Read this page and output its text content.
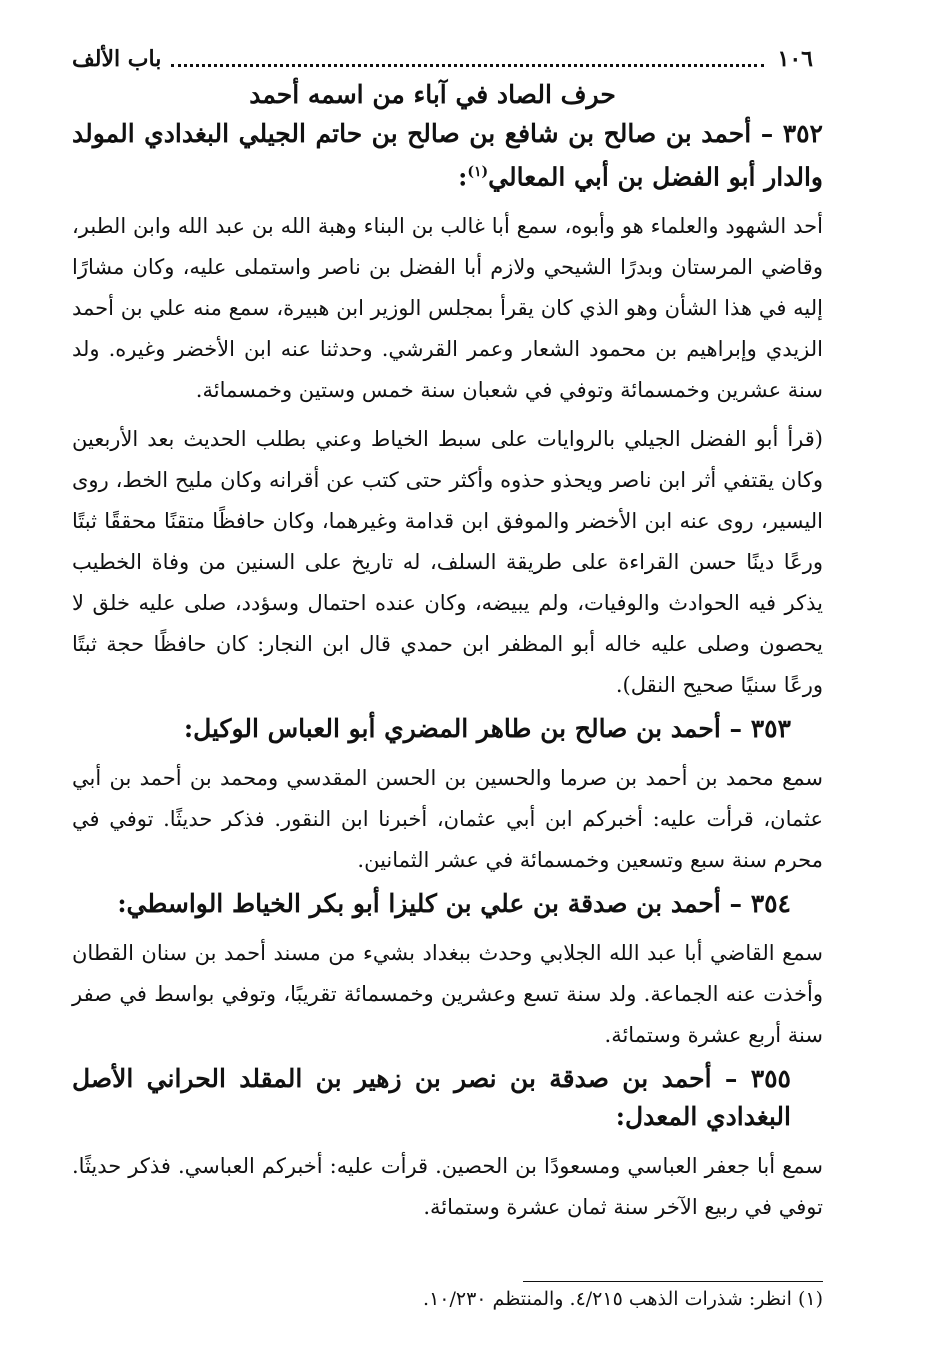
١٠٦
باب الألف
حرف الصاد في آباء من اسمه أحمد

٣٥٢ – أحمد بن صالح بن شافع بن صالح بن حاتم الجيلي البغدادي المولد والدار أبو الفضل بن أبي المعالي$^{(١)}$:

أحد الشهود والعلماء هو وأبوه، سمع أبا غالب بن البناء وهبة الله بن عبد الله وابن الطبر، وقاضي المرستان وبدرًا الشيحي ولازم أبا الفضل بن ناصر واستملى عليه، وكان مشارًا إليه في هذا الشأن وهو الذي كان يقرأ بمجلس الوزير ابن هبيرة، سمع منه علي بن أحمد الزيدي وإبراهيم بن محمود الشعار وعمر القرشي. وحدثنا عنه ابن الأخضر وغيره. ولد سنة عشرين وخمسمائة وتوفي في شعبان سنة خمس وستين وخمسمائة.

(قرأ أبو الفضل الجيلي بالروايات على سبط الخياط وعني بطلب الحديث بعد الأربعين وكان يقتفي أثر ابن ناصر ويحذو حذوه وأكثر حتى كتب عن أقرانه وكان مليح الخط، روى اليسير، روى عنه ابن الأخضر والموفق ابن قدامة وغيرهما، وكان حافظًا متقنًا محققًا ثبتًا ورعًا دينًا حسن القراءة على طريقة السلف، له تاريخ على السنين من وفاة الخطيب يذكر فيه الحوادث والوفيات، ولم يبيضه، وكان عنده احتمال وسؤدد، صلى عليه خلق لا يحصون وصلى عليه خاله أبو المظفر ابن حمدي قال ابن النجار: كان حافظًا حجة ثبتًا ورعًا سنيًا صحيح النقل).

٣٥٣ – أحمد بن صالح بن طاهر المضري أبو العباس الوكيل:

سمع محمد بن أحمد بن صرما والحسين بن الحسن المقدسي ومحمد بن أحمد بن أبي عثمان، قرأت عليه: أخبركم ابن أبي عثمان، أخبرنا ابن النقور. فذكر حديثًا. توفي في محرم سنة سبع وتسعين وخمسمائة في عشر الثمانين.

٣٥٤ – أحمد بن صدقة بن علي بن كليزا أبو بكر الخياط الواسطي:

سمع القاضي أبا عبد الله الجلابي وحدث ببغداد بشيء من مسند أحمد بن سنان القطان وأخذت عنه الجماعة. ولد سنة تسع وعشرين وخمسمائة تقريبًا، وتوفي بواسط في صفر سنة أربع عشرة وستمائة.

٣٥٥ – أحمد بن صدقة بن نصر بن زهير بن المقلد الحراني الأصل البغدادي المعدل:

سمع أبا جعفر العباسي ومسعودًا بن الحصين. قرأت عليه: أخبركم العباسي. فذكر حديثًا. توفي في ربيع الآخر سنة ثمان عشرة وستمائة.

(١) انظر: شذرات الذهب ٤/٢١٥. والمنتظم ١٠/٢٣٠.
